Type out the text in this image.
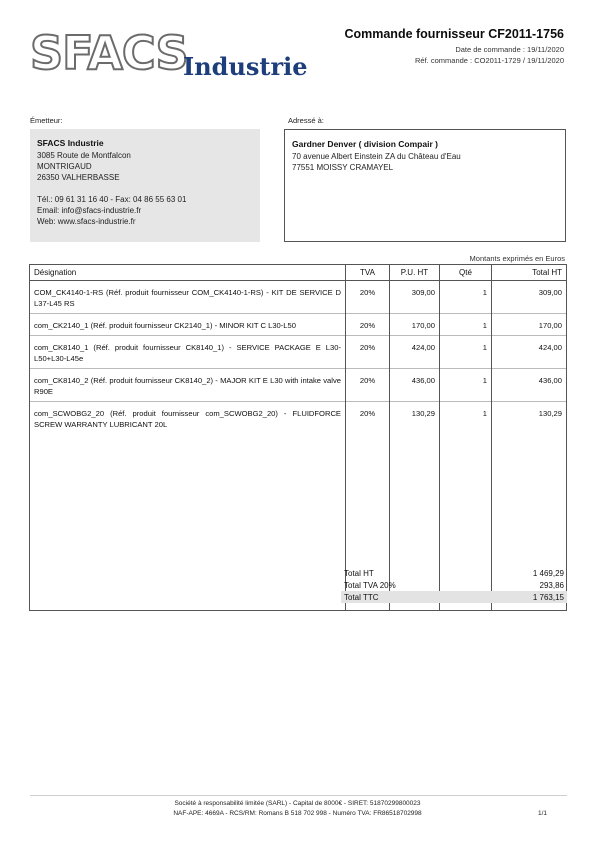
SFACS
Industrie
Commande fournisseur CF2011-1756
Date de commande : 19/11/2020
Réf. commande : CO2011-1729 / 19/11/2020
Émetteur:
SFACS Industrie
3085 Route de Montfalcon
MONTRIGAUD
26350 VALHERBASSE
Tél.: 09 61 31 16 40 - Fax: 04 86 55 63 01
Email: info@sfacs-industrie.fr
Web: www.sfacs-industrie.fr
Adressé à:
Gardner Denver ( division Compair )
70 avenue Albert Einstein ZA du Château d'Eau
77551 MOISSY CRAMAYEL
Montants exprimés en Euros
Désignation	TVA	P.U. HT	Qté	Total HT
COM_CK4140-1-RS (Réf. produit fournisseur COM_CK4140-1-RS) - KIT DE SERVICE D L37-L45 RS	20%	309,00	1	309,00
com_CK2140_1 (Réf. produit fournisseur CK2140_1) - MINOR KIT C L30-L50	20%	170,00	1	170,00
com_CK8140_1 (Réf. produit fournisseur CK8140_1) - SERVICE PACKAGE E L30-L50+L30-L45e	20%	424,00	1	424,00
com_CK8140_2 (Réf. produit fournisseur CK8140_2) - MAJOR KIT E L30 with intake valve R90E	20%	436,00	1	436,00
com_SCWOBG2_20 (Réf. produit fournisseur com_SCWOBG2_20) - FLUIDFORCE SCREW WARRANTY LUBRICANT 20L	20%	130,29	1	130,29

Total HT	1 469,29
Total TVA 20%	293,86
Total TTC	1 763,15
Société à responsabilité limitée (SARL) - Capital de 8000€ - SIRET: 51870299800023
NAF-APE: 4669A - RCS/RM: Romans B 518 702 998 - Numéro TVA: FR86518702998	1/1
